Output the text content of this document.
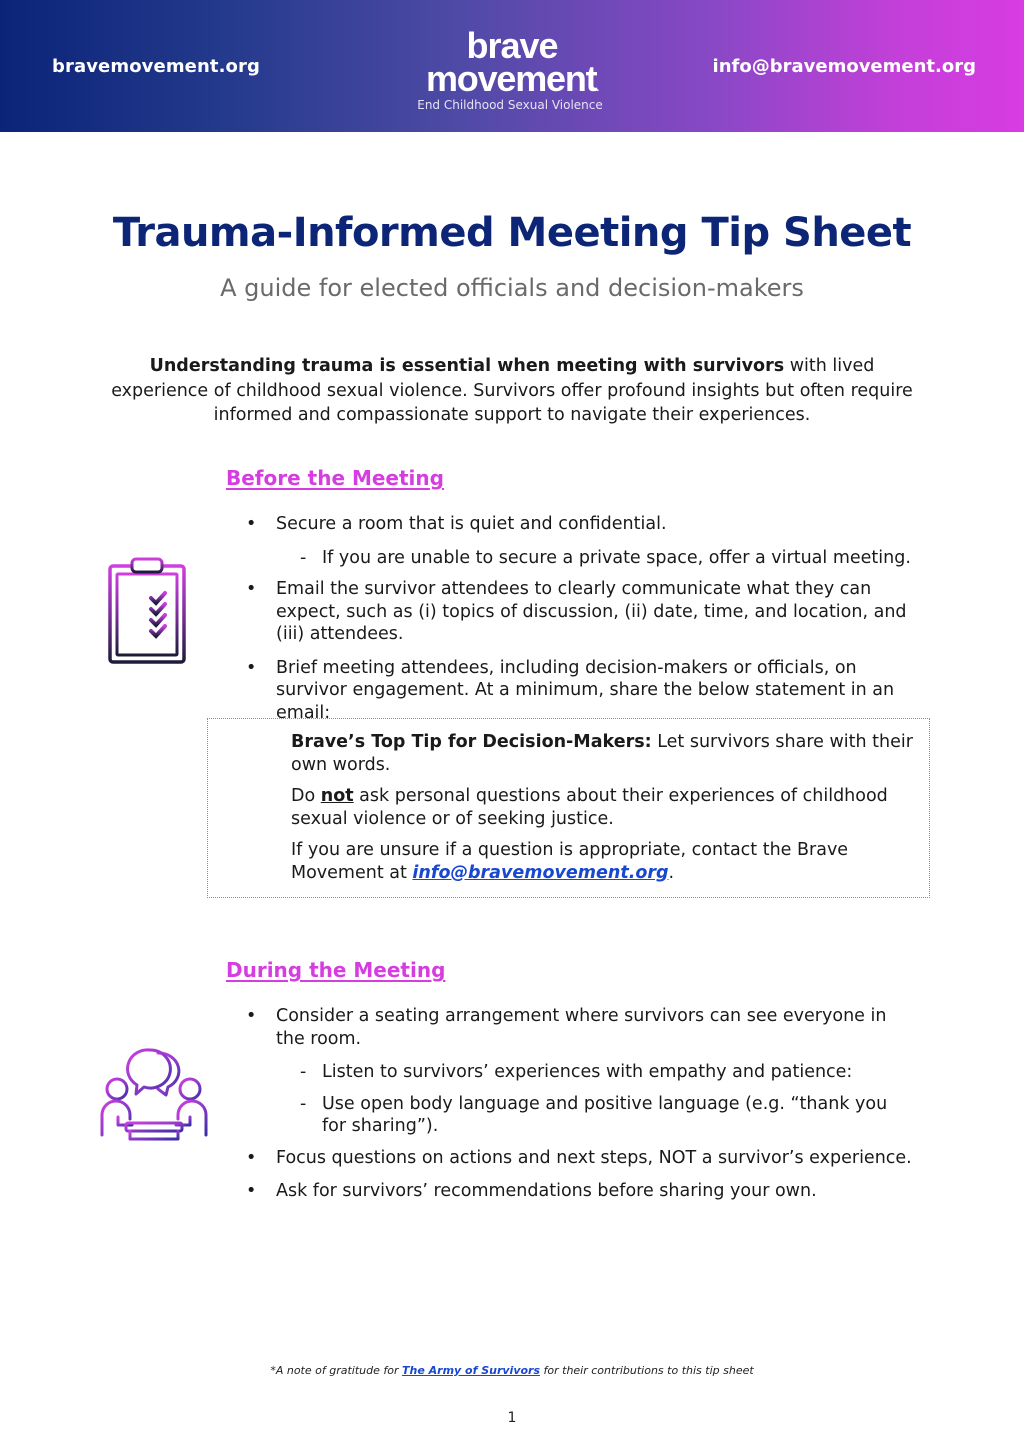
bravemovement.org
brave
movement.
End Childhood Sexual Violence
info@bravemovement.org
Trauma-Informed Meeting Tip Sheet
A guide for elected officials and decision-makers

Understanding trauma is essential when meeting with survivors with lived experience of childhood sexual violence. Survivors offer profound insights but often require informed and compassionate support to navigate their experiences.

Before the Meeting
• Secure a room that is quiet and confidential.
- If you are unable to secure a private space, offer a virtual meeting.
• Email the survivor attendees to clearly communicate what they can expect, such as (i) topics of discussion, (ii) date, time, and location, and (iii) attendees.
• Brief meeting attendees, including decision-makers or officials, on survivor engagement. At a minimum, share the below statement in an email:

Brave’s Top Tip for Decision-Makers: Let survivors share with their own words.

Do not ask personal questions about their experiences of childhood sexual violence or of seeking justice.

If you are unsure if a question is appropriate, contact the Brave Movement at info@bravemovement.org.

During the Meeting
• Consider a seating arrangement where survivors can see everyone in the room.
- Listen to survivors’ experiences with empathy and patience:
- Use open body language and positive language (e.g. “thank you for sharing”).
• Focus questions on actions and next steps, NOT a survivor’s experience.
• Ask for survivors’ recommendations before sharing your own.
*A note of gratitude for The Army of Survivors for their contributions to this tip sheet
1
